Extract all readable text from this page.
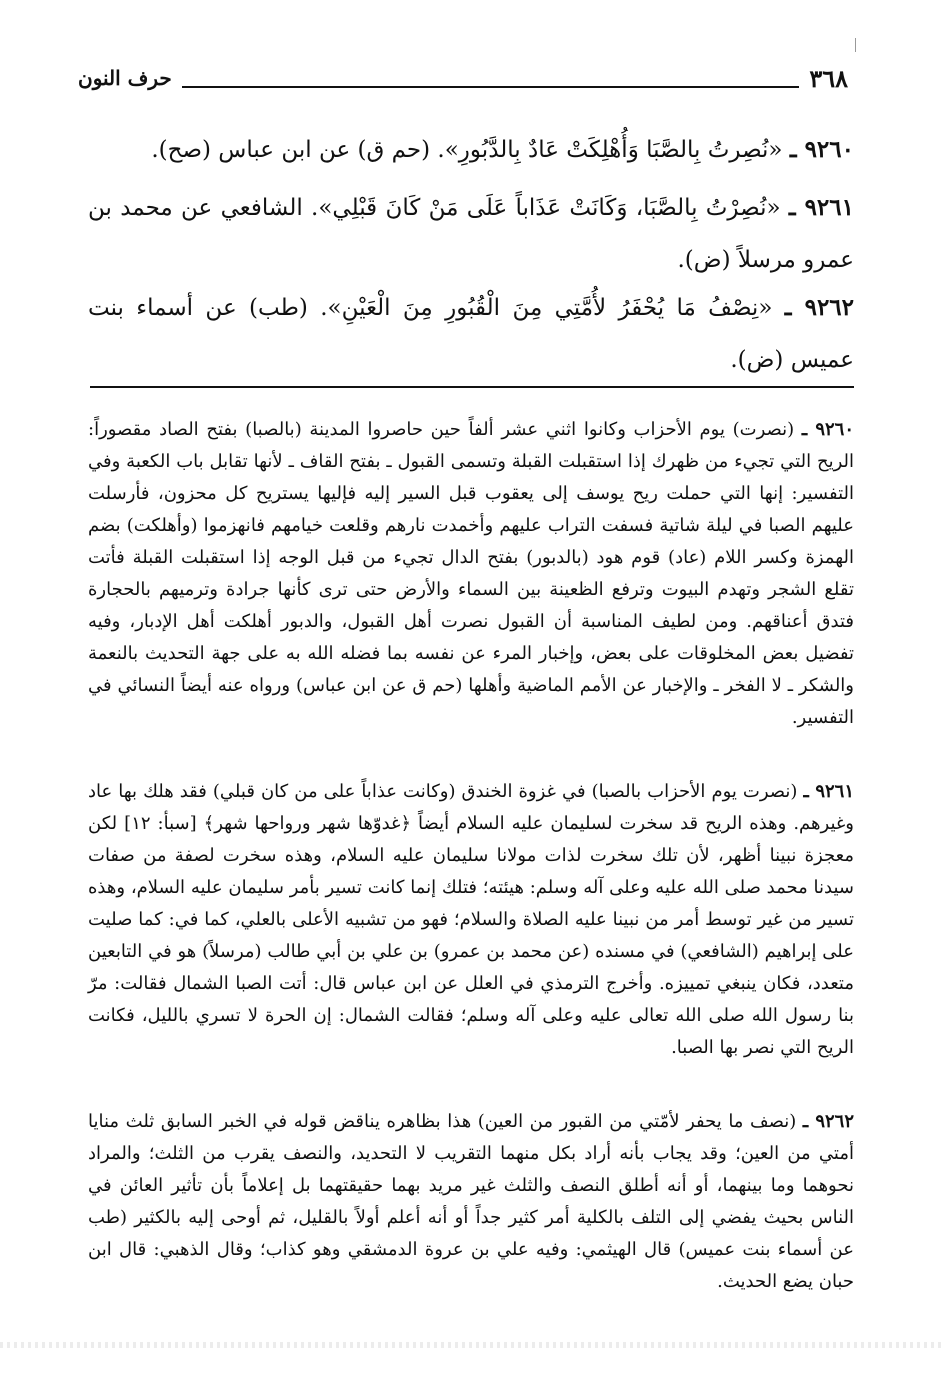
٣٦٨
حرف النون
٩٢٦٠ ـ «نُصِرتُ بِالصَّبَا وَأُهْلِكَتْ عَادٌ بِالدَّبُورِ». (حم ق) عن ابن عباس (صح).
٩٢٦١ ـ «نُصِرْتُ بِالصَّبَا، وَكَانَتْ عَذَاباً عَلَى مَنْ كَانَ قَبْلِي». الشافعي عن محمد بن عمرو مرسلاً (ض).
٩٢٦٢ ـ «نِصْفُ مَا يُحْفَرُ لأُمَّتِي مِنَ الْقُبُورِ مِنَ الْعَيْنِ». (طب) عن أسماء بنت عميس (ض).
٩٢٦٠ ـ (نصرت) يوم الأحزاب وكانوا اثني عشر ألفاً حين حاصروا المدينة (بالصبا) بفتح الصاد مقصوراً: الريح التي تجيء من ظهرك إذا استقبلت القبلة وتسمى القبول ـ بفتح القاف ـ لأنها تقابل باب الكعبة وفي التفسير: إنها التي حملت ريح يوسف إلى يعقوب قبل السير إليه فإليها يستريح كل محزون، فأرسلت عليهم الصبا في ليلة شاتية فسفت التراب عليهم وأخمدت نارهم وقلعت خيامهم فانهزموا (وأهلكت) بضم الهمزة وكسر اللام (عاد) قوم هود (بالدبور) بفتح الدال تجيء من قبل الوجه إذا استقبلت القبلة فأتت تقلع الشجر وتهدم البيوت وترفع الظعينة بين السماء والأرض حتى ترى كأنها جرادة وترميهم بالحجارة فتدق أعناقهم. ومن لطيف المناسبة أن القبول نصرت أهل القبول، والدبور أهلكت أهل الإدبار، وفيه تفضيل بعض المخلوقات على بعض، وإخبار المرء عن نفسه بما فضله الله به على جهة التحديث بالنعمة والشكر ـ لا الفخر ـ والإخبار عن الأمم الماضية وأهلها (حم ق عن ابن عباس) ورواه عنه أيضاً النسائي في التفسير.
٩٢٦١ ـ (نصرت يوم الأحزاب بالصبا) في غزوة الخندق (وكانت عذاباً على من كان قبلي) فقد هلك بها عاد وغيرهم. وهذه الريح قد سخرت لسليمان عليه السلام أيضاً ﴿غدوّها شهر ورواحها شهر﴾ [سبأ: ١٢] لكن معجزة نبينا أظهر، لأن تلك سخرت لذات مولانا سليمان عليه السلام، وهذه سخرت لصفة من صفات سيدنا محمد صلى الله عليه وعلى آله وسلم: هيئته؛ فتلك إنما كانت تسير بأمر سليمان عليه السلام، وهذه تسير من غير توسط أمر من نبينا عليه الصلاة والسلام؛ فهو من تشبيه الأعلى بالعلي، كما في: كما صليت على إبراهيم (الشافعي) في مسنده (عن محمد بن عمرو) بن علي بن أبي طالب (مرسلاً) هو في التابعين متعدد، فكان ينبغي تمييزه. وأخرج الترمذي في العلل عن ابن عباس قال: أتت الصبا الشمال فقالت: مرّ بنا رسول الله صلى الله تعالى عليه وعلى آله وسلم؛ فقالت الشمال: إن الحرة لا تسري بالليل، فكانت الريح التي نصر بها الصبا.
٩٢٦٢ ـ (نصف ما يحفر لأمّتي من القبور من العين) هذا بظاهره يناقض قوله في الخبر السابق ثلث منايا أمتي من العين؛ وقد يجاب بأنه أراد بكل منهما التقريب لا التحديد، والنصف يقرب من الثلث؛ والمراد نحوهما وما بينهما، أو أنه أطلق النصف والثلث غير مريد بهما حقيقتهما بل إعلاماً بأن تأثير العائن في الناس بحيث يفضي إلى التلف بالكلية أمر كثير جداً أو أنه أعلم أولاً بالقليل، ثم أوحى إليه بالكثير (طب عن أسماء بنت عميس) قال الهيثمي: وفيه علي بن عروة الدمشقي وهو كذاب؛ وقال الذهبي: قال ابن حبان يضع الحديث.
